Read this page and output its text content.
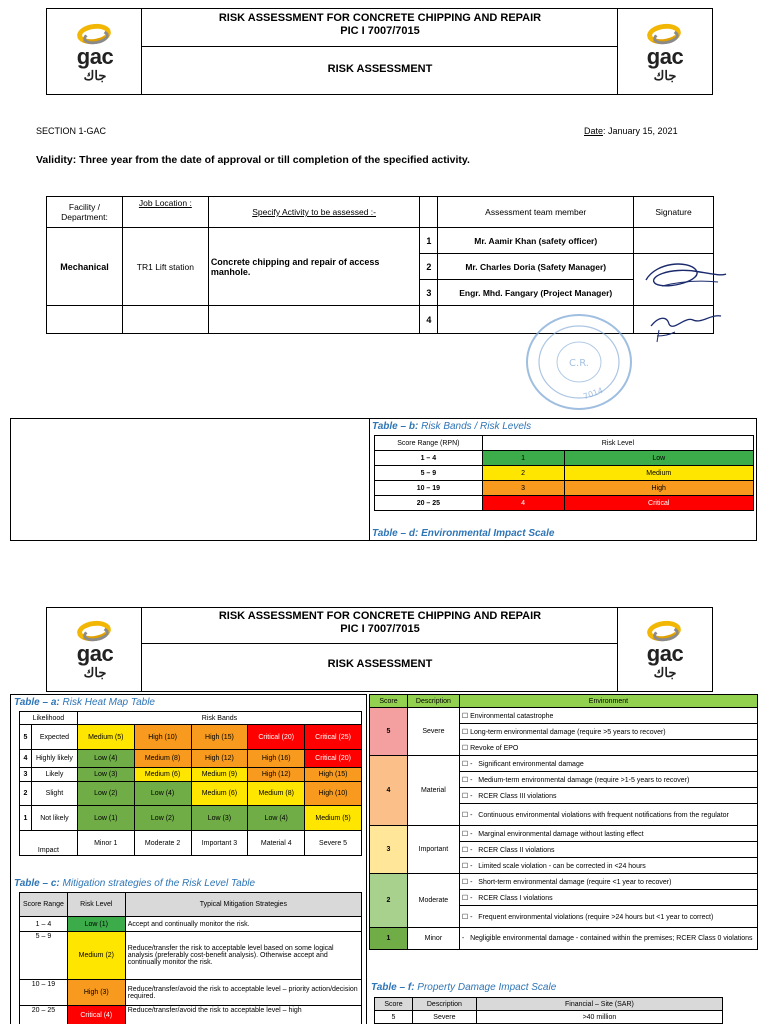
gac
جاك
gac
جاك
RISK ASSESSMENT FOR CONCRETE CHIPPING AND REPAIR
PIC I 7007/7015
RISK ASSESSMENT
SECTION 1-GAC	Date: January 15, 2021
Validity: Three year from the date of approval or till completion of the specified activity.
Facility / Department:	Job Location :	Specify Activity to be assessed :-		Assessment team member	Signature
Mechanical	TR1 Lift station	Concrete chipping and repair of access manhole.	1	Mr. Aamir Khan (safety officer)	
			2	Mr. Charles Doria (Safety Manager)	
			3	Engr. Mhd. Fangary (Project Manager)	
			4		
C.R.
7014
Table – b: Risk Bands / Risk Levels
Score Range (RPN)	Risk Level	
1 – 4	1	Low
5 – 9	2	Medium
10 – 19	3	High
20 – 25	4	Critical
Table – d: Environmental Impact Scale
gac
جاك
gac
جاك
RISK ASSESSMENT FOR CONCRETE CHIPPING AND REPAIR
PIC I 7007/7015
RISK ASSESSMENT
Table – a: Risk Heat Map Table
Likelihood		Risk Bands				
5	Expected	Medium (5)	High (10)	High (15)	Critical (20)	Critical (25)
4	Highly likely	Low (4)	Medium (8)	High (12)	High (16)	Critical (20)
3	Likely	Low (3)	Medium (6)	Medium (9)	High (12)	High (15)
2	Slight	Low (2)	Low (4)	Medium (6)	Medium (8)	High (10)
1	Not likely	Low (1)	Low (2)	Low (3)	Low (4)	Medium (5)
Impact		Minor 1	Moderate 2	Important 3	Material 4	Severe 5
Table – c: Mitigation strategies of the Risk Level Table
Score Range	Risk Level	Typical Mitigation Strategies
1 – 4	Low (1)	Accept and continually monitor the risk.
5 – 9	Medium (2)	Reduce/transfer the risk to acceptable level based on some logical analysis (preferably cost-benefit analysis). Otherwise accept and continually monitor the risk.
10 – 19	High (3)	Reduce/transfer/avoid the risk to acceptable level – priority action/decision required.
20 – 25	Critical (4)	Reduce/transfer/avoid the risk to acceptable level – high
Score	Description	Environment
5	Severe	☐ Environmental catastrophe
		☐ Long-term environmental damage (require >5 years to recover)
		☐ Revoke of EPO
4	Material	☐ -   Significant environmental damage
		☐ -   Medium-term environmental damage (require >1-5 years to recover)
		☐ -   RCER Class III violations
		☐ -   Continuous environmental violations with frequent notifications from the regulator
3	Important	☐ -   Marginal environmental damage without lasting effect
		☐ -   RCER Class II violations
		☐ -   Limited scale violation - can be corrected in <24 hours
2	Moderate	☐ -   Short-term environmental damage (require <1 year to recover)
		☐ -   RCER Class I violations
		☐ -   Frequent environmental violations (require >24 hours but <1 year to correct)
1	Minor	-   Negligible environmental damage - contained within the premises; RCER Class 0 violations
Table – f: Property Damage Impact Scale
Score	Description	Financial – Site (SAR)
5	Severe	>40 million
